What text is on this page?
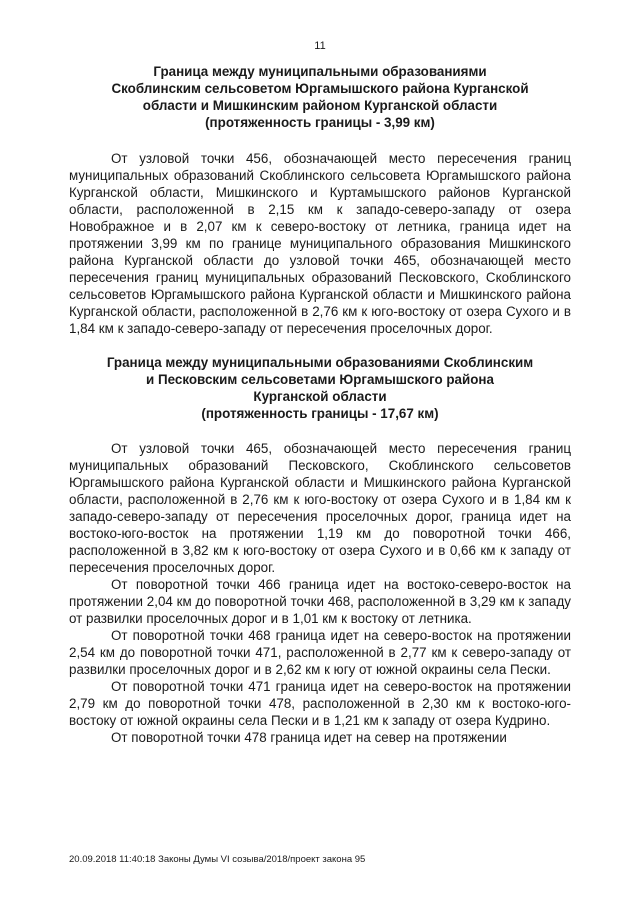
11
Граница между муниципальными образованиями
Скоблинским сельсоветом Юргамышского района Курганской
области и Мишкинским районом Курганской области
(протяженность границы - 3,99 км)

От узловой точки 456, обозначающей место пересечения границ муниципальных образований Скоблинского сельсовета Юргамышского района Курганской области, Мишкинского и Куртамышского районов Курганской области, расположенной в 2,15 км к западо-северо-западу от озера Новображное и в 2,07 км к северо-востоку от летника, граница идет на протяжении 3,99 км по границе муниципального образования Мишкинского района Курганской области до узловой точки 465, обозначающей место пересечения границ муниципальных образований Песковского, Скоблинского сельсоветов Юргамышского района Курганской области и Мишкинского района Курганской области, расположенной в 2,76 км к юго-востоку от озера Сухого и в 1,84 км к западо-северо-западу от пересечения проселочных дорог.

Граница между муниципальными образованиями Скоблинским
и Песковским сельсоветами Юргамышского района
Курганской области
(протяженность границы - 17,67 км)

От узловой точки 465, обозначающей место пересечения границ муниципальных образований Песковского, Скоблинского сельсоветов Юргамышского района Курганской области и Мишкинского района Курганской области, расположенной в 2,76 км к юго-востоку от озера Сухого и в 1,84 км к западо-северо-западу от пересечения проселочных дорог, граница идет на востоко-юго-восток на протяжении 1,19 км до поворотной точки 466, расположенной в 3,82 км к юго-востоку от озера Сухого и в 0,66 км к западу от пересечения проселочных дорог.

От поворотной точки 466 граница идет на востоко-северо-восток на протяжении 2,04 км до поворотной точки 468, расположенной в 3,29 км к западу от развилки проселочных дорог и в 1,01 км к востоку от летника.

От поворотной точки 468 граница идет на северо-восток на протяжении 2,54 км до поворотной точки 471, расположенной в 2,77 км к северо-западу от развилки проселочных дорог и в 2,62 км к югу от южной окраины села Пески.

От поворотной точки 471 граница идет на северо-восток на протяжении 2,79 км до поворотной точки 478, расположенной в 2,30 км к востоко-юго-востоку от южной окраины села Пески и в 1,21 км к западу от озера Кудрино.

От поворотной точки 478 граница идет на север на протяжении

20.09.2018 11:40:18 Законы Думы VI созыва/2018/проект закона 95
